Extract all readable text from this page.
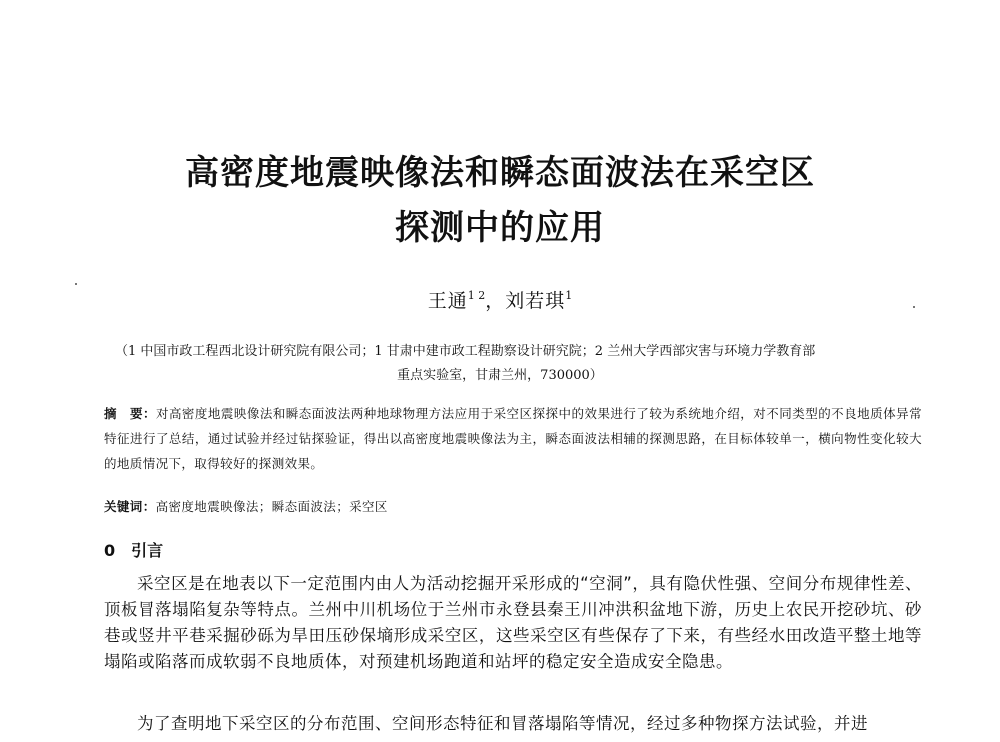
高密度地震映像法和瞬态面波法在采空区
探测中的应用
王通$^{1 2}$，刘若琪$^1$

（1 中国市政工程西北设计研究院有限公司；1 甘肃中建市政工程勘察设计研究院；2 兰州大学西部灾害与环境力学教育部

重点实验室，甘肃兰州，730000）

摘　要：对高密度地震映像法和瞬态面波法两种地球物理方法应用于采空区探探中的效果进行了较为系统地介绍，对不同类型的不良地质体异常特征进行了总结，通过试验并经过钻探验证，得出以高密度地震映像法为主，瞬态面波法相辅的探测思路，在目标体较单一，横向物性变化较大的地质情况下，取得较好的探测效果。

关键词：高密度地震映像法；瞬态面波法；采空区

0 引言

采空区是在地表以下一定范围内由人为活动挖掘开采形成的“空洞”，具有隐伏性强、空间分布规律性差、顶板冒落塌陷复杂等特点。兰州中川机场位于兰州市永登县秦王川冲洪积盆地下游，历史上农民开挖砂坑、砂巷或竖井平巷采掘砂砾为旱田压砂保墒形成采空区，这些采空区有些保存了下来，有些经水田改造平整土地等塌陷或陷落而成软弱不良地质体，对预建机场跑道和站坪的稳定安全造成安全隐患。

为了查明地下采空区的分布范围、空间形态特征和冒落塌陷等情况，经过多种物探方法试验，并进
